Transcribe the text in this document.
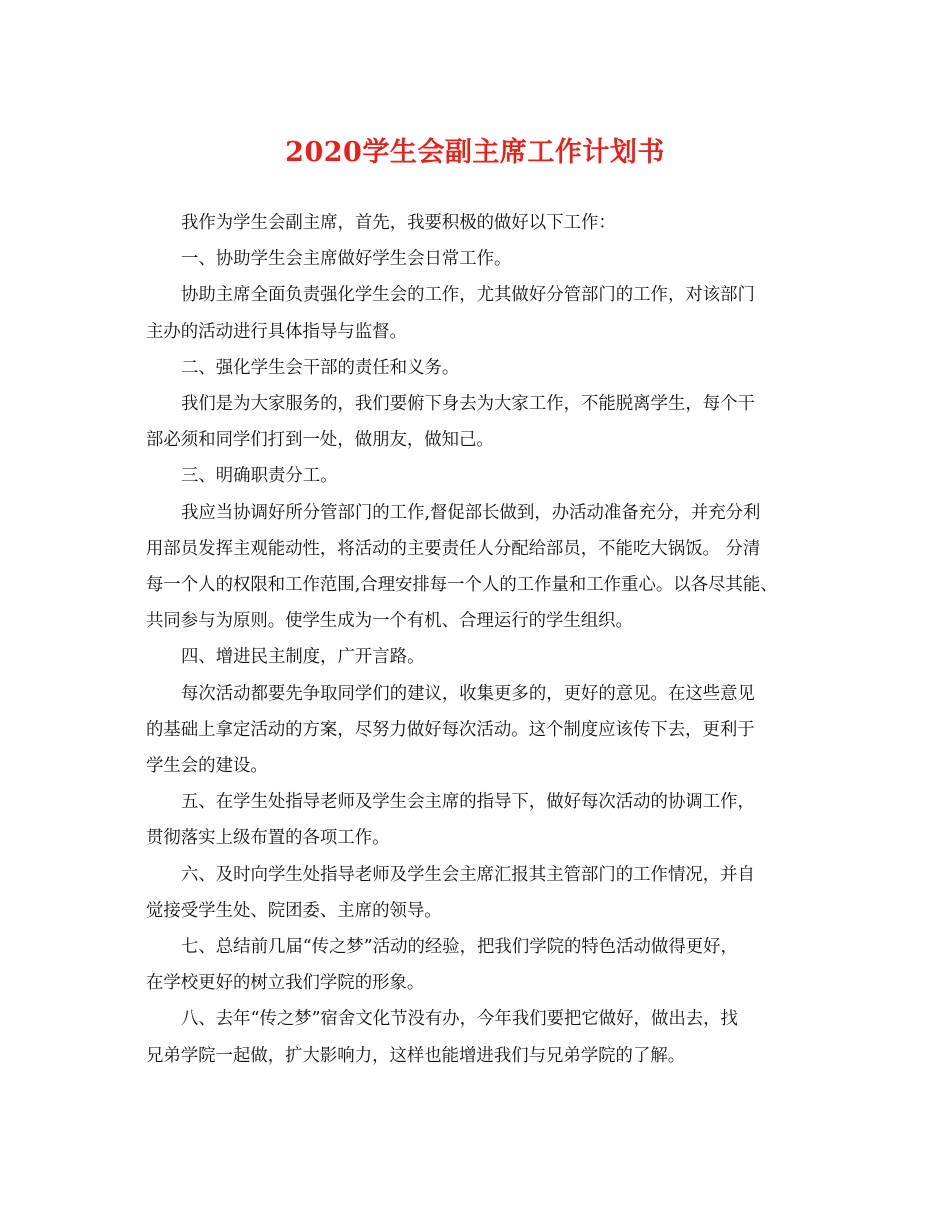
2020学生会副主席工作计划书
我作为学生会副主席，首先，我要积极的做好以下工作：
一、协助学生会主席做好学生会日常工作。
协助主席全面负责强化学生会的工作，尤其做好分管部门的工作，对该部门
主办的活动进行具体指导与监督。
二、强化学生会干部的责任和义务。
我们是为大家服务的，我们要俯下身去为大家工作，不能脱离学生，每个干
部必须和同学们打到一处，做朋友，做知己。
三、明确职责分工。
我应当协调好所分管部门的工作,督促部长做到，办活动准备充分，并充分利
用部员发挥主观能动性，将活动的主要责任人分配给部员，不能吃大锅饭。 分清
每一个人的权限和工作范围,合理安排每一个人的工作量和工作重心。以各尽其能、
共同参与为原则。使学生成为一个有机、合理运行的学生组织。
四、增进民主制度，广开言路。
每次活动都要先争取同学们的建议，收集更多的，更好的意见。在这些意见
的基础上拿定活动的方案，尽努力做好每次活动。这个制度应该传下去，更利于
学生会的建设。
五、在学生处指导老师及学生会主席的指导下，做好每次活动的协调工作，
贯彻落实上级布置的各项工作。
六、及时向学生处指导老师及学生会主席汇报其主管部门的工作情况，并自
觉接受学生处、院团委、主席的领导。
七、总结前几届“传之梦”活动的经验，把我们学院的特色活动做得更好，
在学校更好的树立我们学院的形象。
八、去年“传之梦”宿舍文化节没有办，今年我们要把它做好，做出去，找
兄弟学院一起做，扩大影响力，这样也能增进我们与兄弟学院的了解。
